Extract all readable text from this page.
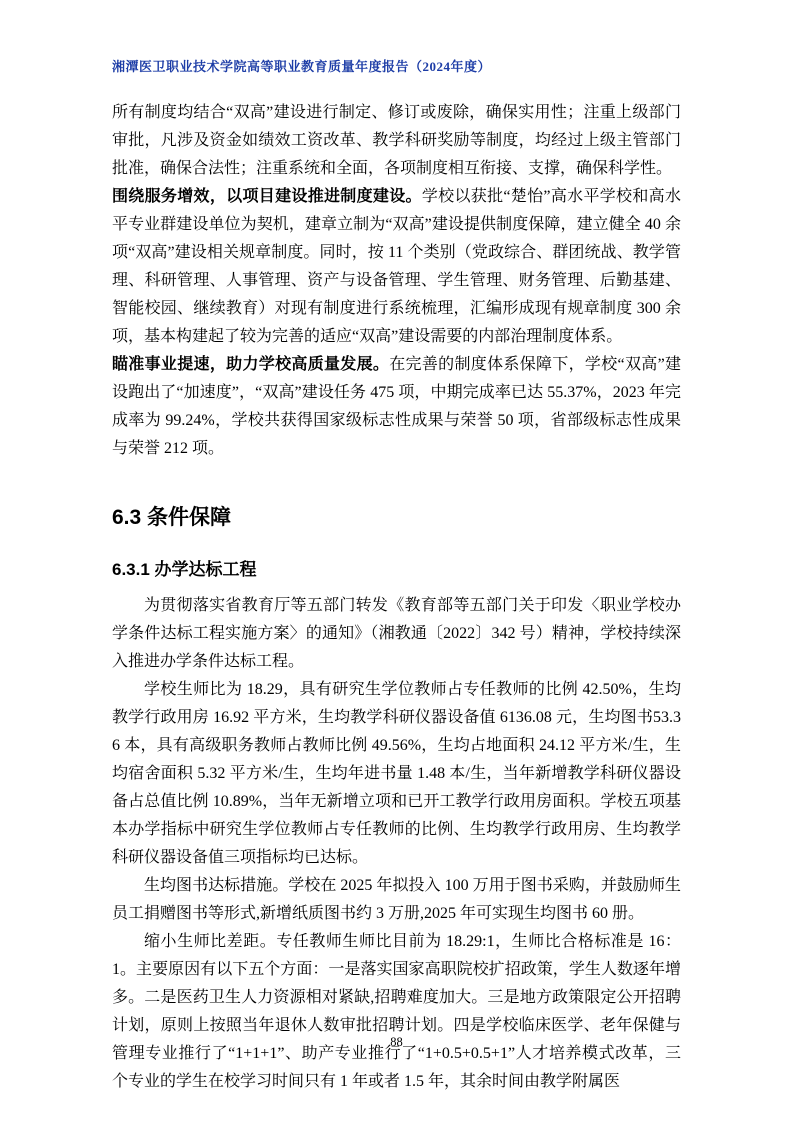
湘潭医卫职业技术学院高等职业教育质量年度报告（2024年度）

所有制度均结合“双高”建设进行制定、修订或废除，确保实用性；注重上级部门审批，凡涉及资金如绩效工资改革、教学科研奖励等制度，均经过上级主管部门批准，确保合法性；注重系统和全面，各项制度相互衔接、支撑，确保科学性。

围绕服务增效，以项目建设推进制度建设。学校以获批“楚怡”高水平学校和高水平专业群建设单位为契机，建章立制为“双高”建设提供制度保障，建立健全 40 余项“双高”建设相关规章制度。同时，按 11 个类别（党政综合、群团统战、教学管理、科研管理、人事管理、资产与设备管理、学生管理、财务管理、后勤基建、智能校园、继续教育）对现有制度进行系统梳理，汇编形成现有规章制度 300 余项，基本构建起了较为完善的适应“双高”建设需要的内部治理制度体系。

瞄准事业提速，助力学校高质量发展。在完善的制度体系保障下，学校“双高”建设跑出了“加速度”，“双高”建设任务 475 项，中期完成率已达 55.37%，2023 年完成率为 99.24%，学校共获得国家级标志性成果与荣誉 50 项，省部级标志性成果与荣誉 212 项。

6.3 条件保障
6.3.1 办学达标工程

为贯彻落实省教育厅等五部门转发《教育部等五部门关于印发〈职业学校办学条件达标工程实施方案〉的通知》（湘教通〔2022〕342 号）精神，学校持续深入推进办学条件达标工程。

学校生师比为 18.29，具有研究生学位教师占专任教师的比例 42.50%，生均教学行政用房 16.92 平方米，生均教学科研仪器设备值 6136.08 元，生均图书53.36 本，具有高级职务教师占教师比例 49.56%，生均占地面积 24.12 平方米/生，生均宿舍面积 5.32 平方米/生，生均年进书量 1.48 本/生，当年新增教学科研仪器设备占总值比例 10.89%，当年无新增立项和已开工教学行政用房面积。学校五项基本办学指标中研究生学位教师占专任教师的比例、生均教学行政用房、生均教学科研仪器设备值三项指标均已达标。

生均图书达标措施。学校在 2025 年拟投入 100 万用于图书采购，并鼓励师生员工捐赠图书等形式,新增纸质图书约 3 万册,2025 年可实现生均图书 60 册。

缩小生师比差距。专任教师生师比目前为 18.29:1，生师比合格标准是 16：1。主要原因有以下五个方面：一是落实国家高职院校扩招政策，学生人数逐年增多。二是医药卫生人力资源相对紧缺,招聘难度加大。三是地方政策限定公开招聘计划，原则上按照当年退休人数审批招聘计划。四是学校临床医学、老年保健与管理专业推行了“1+1+1”、助产专业推行了“1+0.5+0.5+1”人才培养模式改革，三个专业的学生在校学习时间只有 1 年或者 1.5 年，其余时间由教学附属医

88
